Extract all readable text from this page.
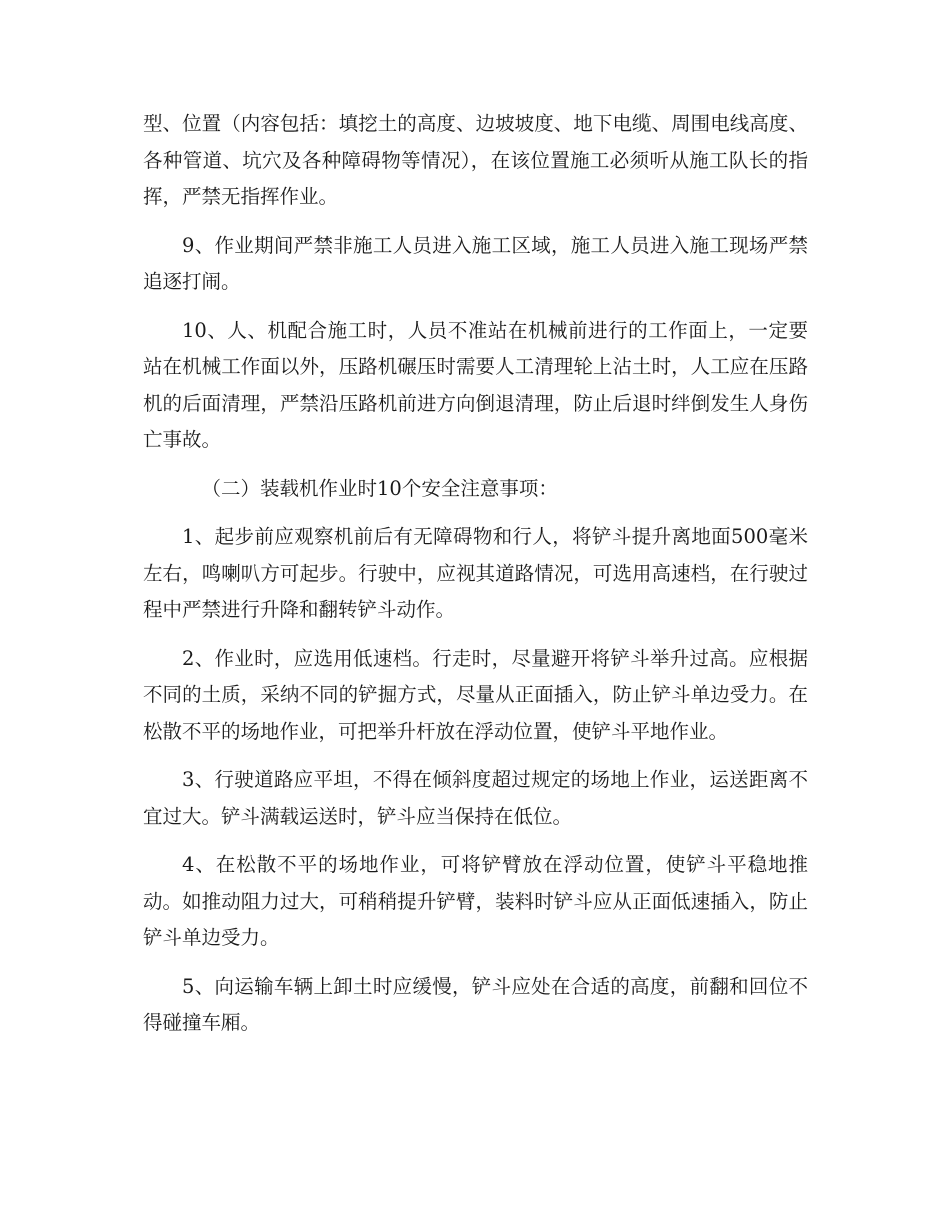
型、位置（内容包括：填挖土的高度、边坡坡度、地下电缆、周围电线高度、各种管道、坑穴及各种障碍物等情况），在该位置施工必须听从施工队长的指挥，严禁无指挥作业。

9、作业期间严禁非施工人员进入施工区域，施工人员进入施工现场严禁追逐打闹。

10、人、机配合施工时，人员不准站在机械前进行的工作面上，一定要站在机械工作面以外，压路机碾压时需要人工清理轮上沾土时，人工应在压路机的后面清理，严禁沿压路机前进方向倒退清理，防止后退时绊倒发生人身伤亡事故。

（二）装载机作业时10个安全注意事项：

1、起步前应观察机前后有无障碍物和行人，将铲斗提升离地面500毫米左右，鸣喇叭方可起步。行驶中，应视其道路情况，可选用高速档，在行驶过程中严禁进行升降和翻转铲斗动作。

2、作业时，应选用低速档。行走时，尽量避开将铲斗举升过高。应根据不同的土质，采纳不同的铲掘方式，尽量从正面插入，防止铲斗单边受力。在松散不平的场地作业，可把举升杆放在浮动位置，使铲斗平地作业。

3、行驶道路应平坦，不得在倾斜度超过规定的场地上作业，运送距离不宜过大。铲斗满载运送时，铲斗应当保持在低位。

4、在松散不平的场地作业，可将铲臂放在浮动位置，使铲斗平稳地推动。如推动阻力过大，可稍稍提升铲臂，装料时铲斗应从正面低速插入，防止铲斗单边受力。

5、向运输车辆上卸土时应缓慢，铲斗应处在合适的高度，前翻和回位不得碰撞车厢。
